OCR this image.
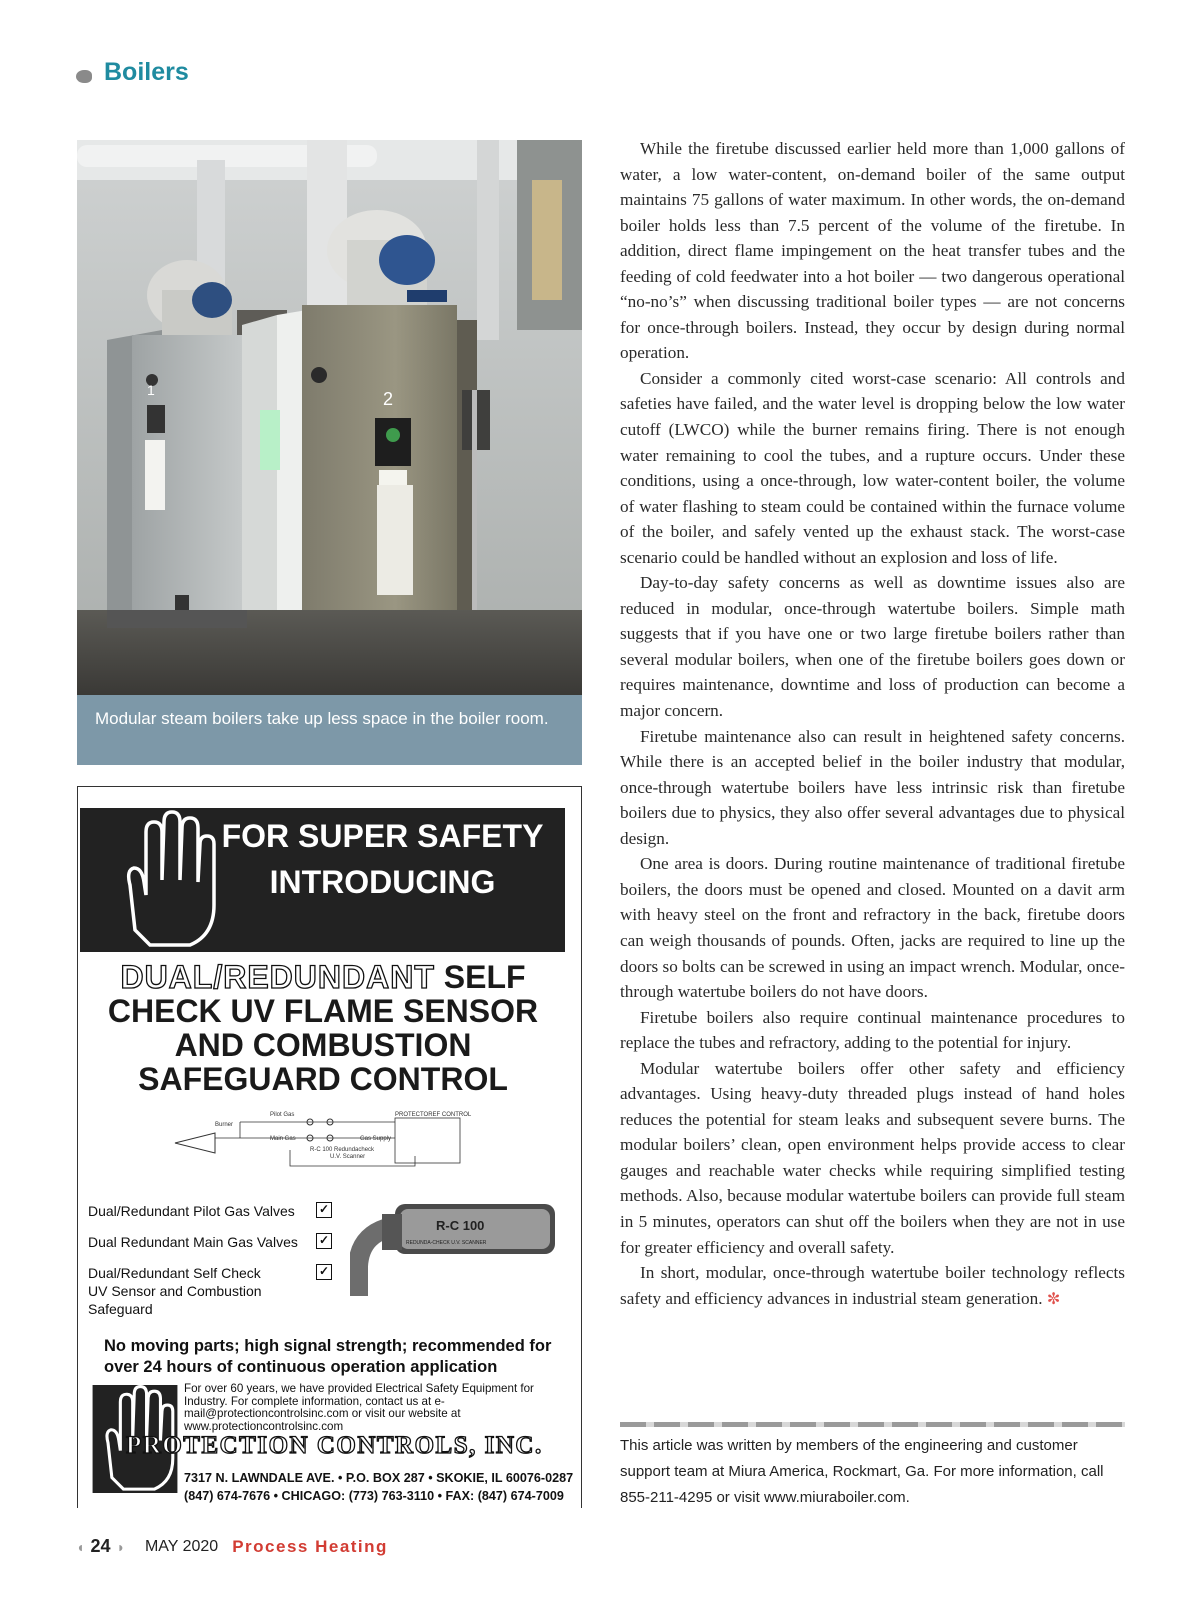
Boilers
1	2
Modular steam boilers take up less space in the boiler room.

While the firetube discussed earlier held more than 1,000 gallons of water, a low water-content, on-demand boiler of the same output maintains 75 gallons of water maximum. In other words, the on-demand boiler holds less than 7.5 percent of the volume of the firetube. In addition, direct flame impingement on the heat transfer tubes and the feeding of cold feedwater into a hot boiler — two dangerous operational “no-no’s” when discussing traditional boiler types — are not concerns for once-through boilers. Instead, they occur by design during normal operation.

Consider a commonly cited worst-case scenario: All controls and safeties have failed, and the water level is dropping below the low water cutoff (LWCO) while the burner remains firing. There is not enough water remaining to cool the tubes, and a rupture occurs. Under these conditions, using a once-through, low water-content boiler, the volume of water flashing to steam could be contained within the furnace volume of the boiler, and safely vented up the exhaust stack. The worst-case scenario could be handled without an explosion and loss of life.

Day-to-day safety concerns as well as downtime issues also are reduced in modular, once-through watertube boilers. Simple math suggests that if you have one or two large firetube boilers rather than several modular boilers, when one of the firetube boilers goes down or requires maintenance, downtime and loss of production can become a major concern.

Firetube maintenance also can result in heightened safety concerns. While there is an accepted belief in the boiler industry that modular, once-through watertube boilers have less intrinsic risk than firetube boilers due to physics, they also offer several advantages due to physical design.

One area is doors. During routine maintenance of traditional firetube boilers, the doors must be opened and closed. Mounted on a davit arm with heavy steel on the front and refractory in the back, firetube doors can weigh thousands of pounds. Often, jacks are required to line up the doors so bolts can be screwed in using an impact wrench. Modular, once-through watertube boilers do not have doors.

Firetube boilers also require continual maintenance procedures to replace the tubes and refractory, adding to the potential for injury.

Modular watertube boilers offer other safety and efficiency advantages. Using heavy-duty threaded plugs instead of hand holes reduces the potential for steam leaks and subsequent severe burns. The modular boilers’ clean, open environment helps provide access to clear gauges and reachable water checks while requiring simplified testing methods. Also, because modular watertube boilers can provide full steam in 5 minutes, operators can shut off the boilers when they are not in use for greater efficiency and overall safety.

In short, modular, once-through watertube boiler technology reflects safety and efficiency advances in industrial steam generation. ✼

This article was written by members of the engineering and customer support team at Miura America, Rockmart, Ga. For more information, call 855-211-4295 or visit www.miuraboiler.com.
FOR SUPER SAFETY
INTRODUCING
DUAL/REDUNDANT SELF
CHECK UV FLAME SENSOR
AND COMBUSTION
SAFEGUARD CONTROL
Pilot Gas
Main Gas	Gas Supply
Burner
PROTECTOREF CONTROL
R-C 100 Redundacheck
U.V. Scanner
Dual/Redundant Pilot Gas Valves ✓
Dual Redundant Main Gas Valves ✓
Dual/Redundant Self Check UV Sensor and Combustion Safeguard
✓
R-C 100
REDUNDA-CHECK U.V. SCANNER
No moving parts; high signal strength; recommended for over 24 hours of continuous operation application
For over 60 years, we have provided Electrical Safety Equipment for Industry. For complete information, contact us at e-mail@protectioncontrolsinc.com or visit our website at www.protectioncontrolsinc.com
PROTECTION CONTROLS, INC.
7317 N. LAWNDALE AVE. • P.O. BOX 287 • SKOKIE, IL 60076-0287
(847) 674-7676 • CHICAGO: (773) 763-3110 • FAX: (847) 674-7009
◖ 24 ◗ MAY 2020 Process Heating
